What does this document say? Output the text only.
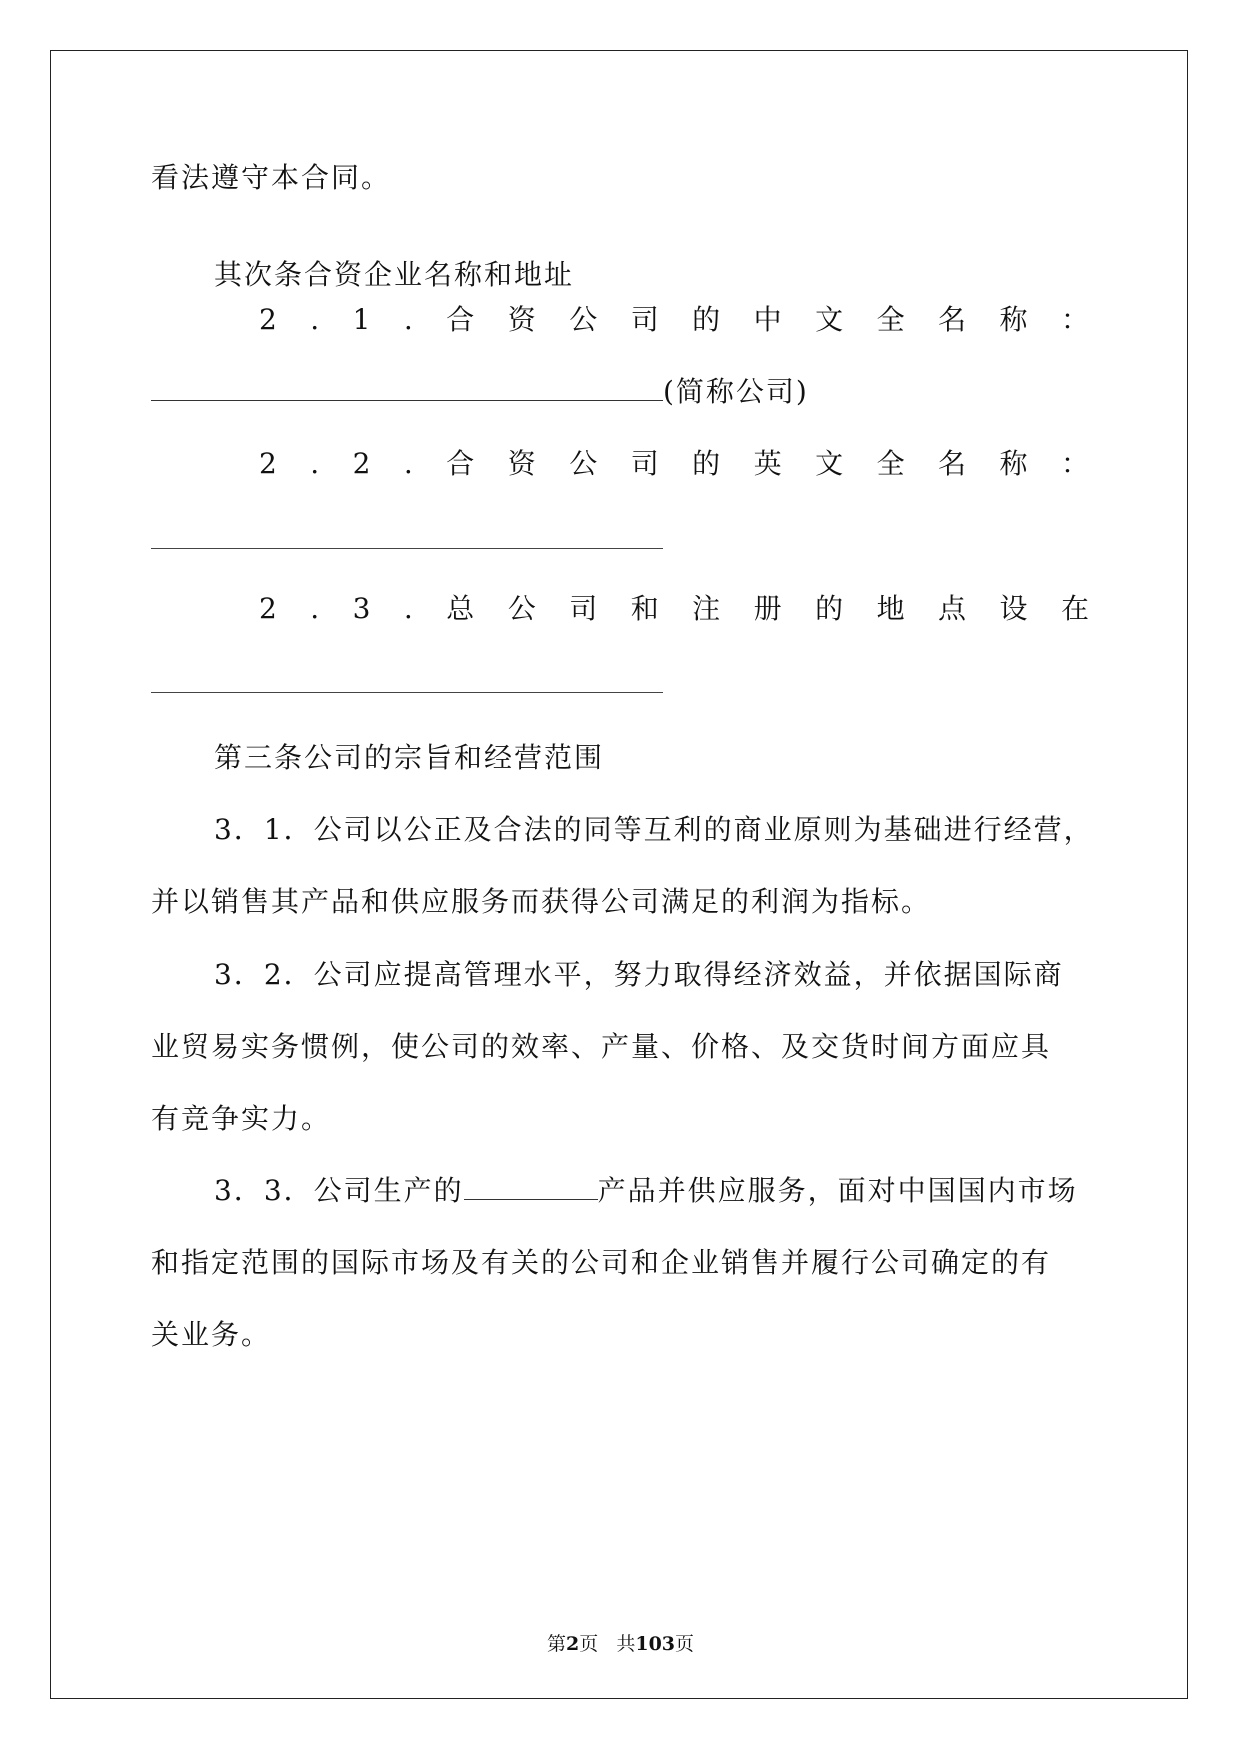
看法遵守本合同。
其次条合资企业名称和地址
2 . 1 . 合 资 公 司 的 中 文 全 名 称 ：
(简称公司)
2 . 2 . 合 资 公 司 的 英 文 全 名 称 ：
2 . 3 . 总 公 司 和 注 册 的 地 点 设 在
第三条公司的宗旨和经营范围
3．1．公司以公正及合法的同等互利的商业原则为基础进行经营，
并以销售其产品和供应服务而获得公司满足的利润为指标。
3．2．公司应提高管理水平，努力取得经济效益，并依据国际商
业贸易实务惯例，使公司的效率、产量、价格、及交货时间方面应具
有竞争实力。
3．3．公司生产的	产品并供应服务，面对中国国内市场
和指定范围的国际市场及有关的公司和企业销售并履行公司确定的有
关业务。
第2页   共103页
